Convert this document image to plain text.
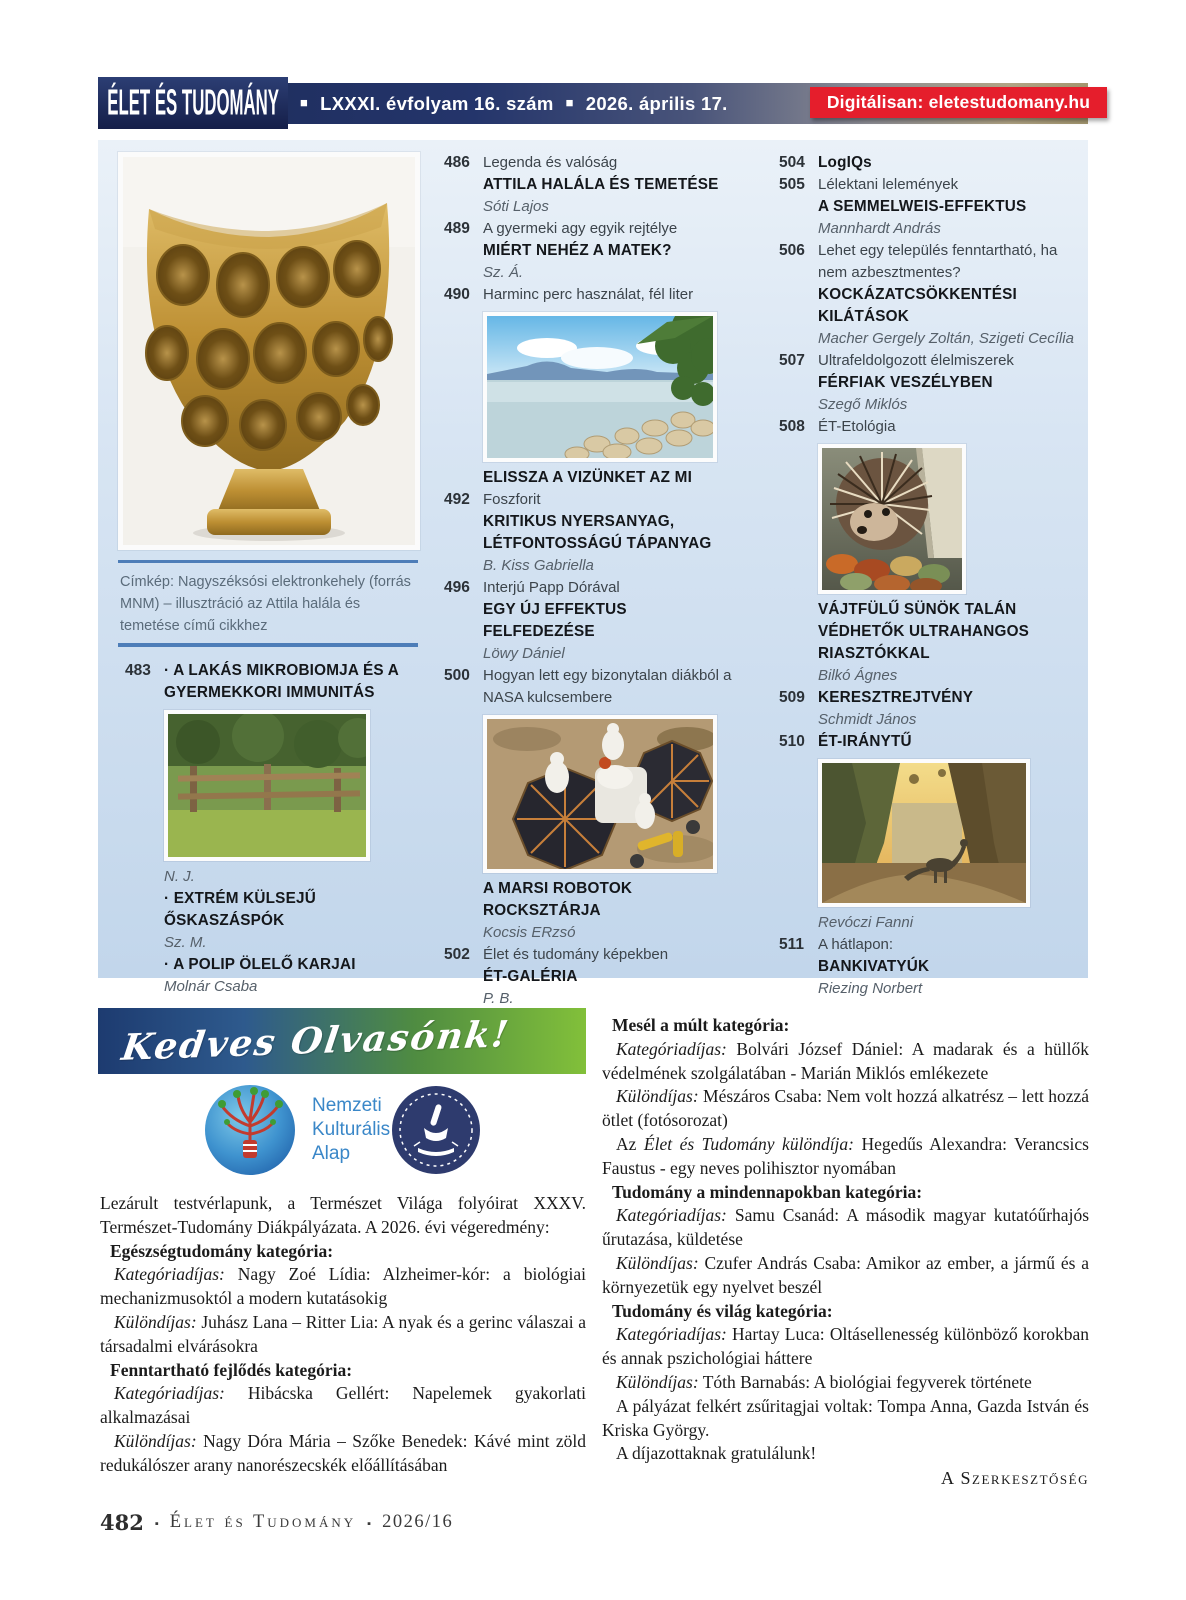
ÉLET ÉS TUDOMÁNY ■ LXXXI. évfolyam 16. szám ■ 2026. április 17.	Digitálisan: eletestudomany.hu
Címkép: Nagyszéksósi elektronkehely (forrás MNM) – illusztráció az Attila halála és temetése című cikkhez
483	· A LAKÁS MIKROBIOMJA ÉS A GYERMEKKORI IMMUNITÁS
N. J.
· EXTRÉM KÜLSEJŰ ŐSKASZÁSPÓK
Sz. M.
· A POLIP ÖLELŐ KARJAI
Molnár Csaba
486 Legenda és valóság
ATTILA HALÁLA ÉS TEMETÉSE
Sóti Lajos
489 A gyermeki agy egyik rejtélye
MIÉRT NEHÉZ A MATEK?
Sz. Á.
490 Harminc perc használat, fél liter
ELISSZA A VIZÜNKET AZ MI
492 Foszforit
KRITIKUS NYERSANYAG, LÉTFONTOSSÁGÚ TÁPANYAG
B. Kiss Gabriella
496 Interjú Papp Dórával
EGY ÚJ EFFEKTUS FELFEDEZÉSE
Löwy Dániel
500 Hogyan lett egy bizonytalan diákból a NASA kulcsembere
A MARSI ROBOTOK ROCKSZTÁRJA
Kocsis ERzsó
502 Élet és tudomány képekben
ÉT-GALÉRIA
P. B.
504 LogIQs
505 Lélektani lelemények
A SEMMELWEIS-EFFEKTUS
Mannhardt András
506 Lehet egy település fenntartható, ha nem azbesztmentes?
KOCKÁZATCSÖKKENTÉSI KILÁTÁSOK
Macher Gergely Zoltán, Szigeti Cecília
507 Ultrafeldolgozott élelmiszerek
FÉRFIAK VESZÉLYBEN
Szegő Miklós
508 ÉT-Etológia
VÁJTFÜLŰ SÜNÖK TALÁN VÉDHETŐK ULTRAHANGOS RIASZTÓKKAL
Bilkó Ágnes
509 KERESZTREJTVÉNY
Schmidt János
510 ÉT-IRÁNYTŰ
Revóczi Fanni
511 A hátlapon:
BANKIVATYÚK
Riezing Norbert
Kedves Olvasónk!
Nemzeti Kulturális Alap

Lezárult testvérlapunk, a Természet Világa folyóirat XXXV. Természet-Tudomány Diákpályázata. A 2026. évi végeredmény:

Egészségtudomány kategória:

Kategóriadíjas: Nagy Zoé Lídia: Alzheimer-kór: a biológiai mechanizmusoktól a modern kutatásokig

Különdíjas: Juhász Lana – Ritter Lia: A nyak és a gerinc válaszai a társadalmi elvárásokra

Fenntartható fejlődés kategória:

Kategóriadíjas: Hibácska Gellért: Napelemek gyakorlati alkalmazásai

Különdíjas: Nagy Dóra Mária – Szőke Benedek: Kávé mint zöld redukálószer arany nanorészecskék előállításában

Mesél a múlt kategória:

Kategóriadíjas: Bolvári József Dániel: A madarak és a hüllők védelmének szolgálatában - Marián Miklós emlékezete

Különdíjas: Mészáros Csaba: Nem volt hozzá alkatrész – lett hozzá ötlet (fotósorozat)

Az Élet és Tudomány különdíja: Hegedűs Alexandra: Verancsics Faustus - egy neves polihisztor nyomában

Tudomány a mindennapokban kategória:

Kategóriadíjas: Samu Csanád: A második magyar kutatóűrhajós űrutazása, küldetése

Különdíjas: Czufer András Csaba: Amikor az ember, a jármű és a környezetük egy nyelvet beszél

Tudomány és világ kategória:

Kategóriadíjas: Hartay Luca: Oltásellenesség különböző korokban és annak pszichológiai háttere

Különdíjas: Tóth Barnabás: A biológiai fegyverek története

A pályázat felkért zsűritagjai voltak: Tompa Anna, Gazda István és Kriska György.

A díjazottaknak gratulálunk!

A Szerkesztőség

482 ▪ Élet és Tudomány ▪ 2026/16
